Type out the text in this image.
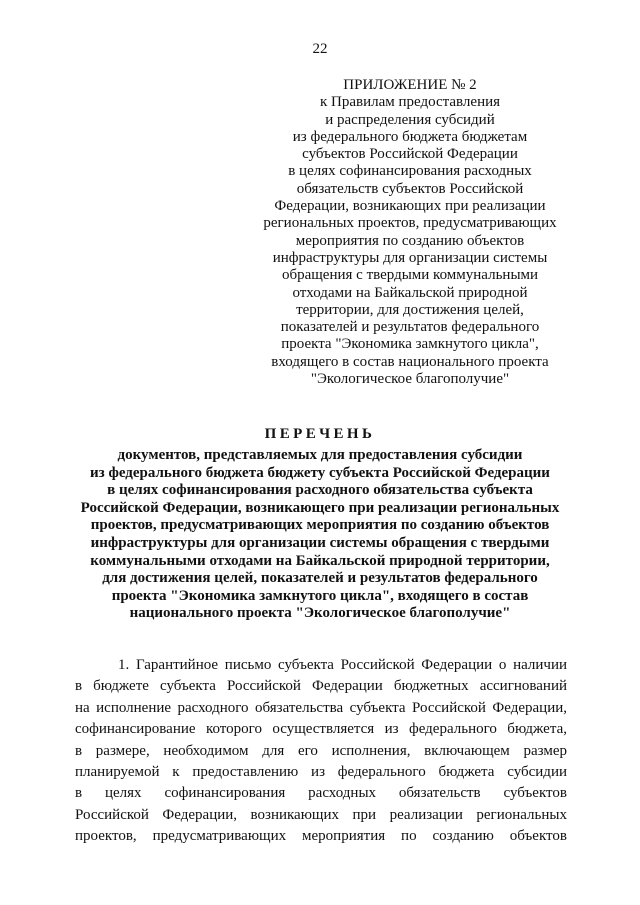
22
ПРИЛОЖЕНИЕ № 2
к Правилам предоставления
и распределения субсидий
из федерального бюджета бюджетам
субъектов Российской Федерации
в целях софинансирования расходных
обязательств субъектов Российской
Федерации, возникающих при реализации
региональных проектов, предусматривающих
мероприятия по созданию объектов
инфраструктуры для организации системы
обращения с твердыми коммунальными
отходами на Байкальской природной
территории, для достижения целей,
показателей и результатов федерального
проекта "Экономика замкнутого цикла",
входящего в состав национального проекта
"Экологическое благополучие"
ПЕРЕЧЕНЬ
документов, представляемых для предоставления субсидии
из федерального бюджета бюджету субъекта Российской Федерации
в целях софинансирования расходного обязательства субъекта
Российской Федерации, возникающего при реализации региональных
проектов, предусматривающих мероприятия по созданию объектов
инфраструктуры для организации системы обращения с твердыми
коммунальными отходами на Байкальской природной территории,
для достижения целей, показателей и результатов федерального
проекта "Экономика замкнутого цикла", входящего в состав
национального проекта "Экологическое благополучие"
1. Гарантийное письмо субъекта Российской Федерации о наличии
в бюджете субъекта Российской Федерации бюджетных ассигнований
на исполнение расходного обязательства субъекта Российской Федерации,
софинансирование которого осуществляется из федерального бюджета,
в размере, необходимом для его исполнения, включающем размер
планируемой к предоставлению из федерального бюджета субсидии
в целях софинансирования расходных обязательств субъектов
Российской Федерации, возникающих при реализации региональных
проектов, предусматривающих мероприятия по созданию объектов
